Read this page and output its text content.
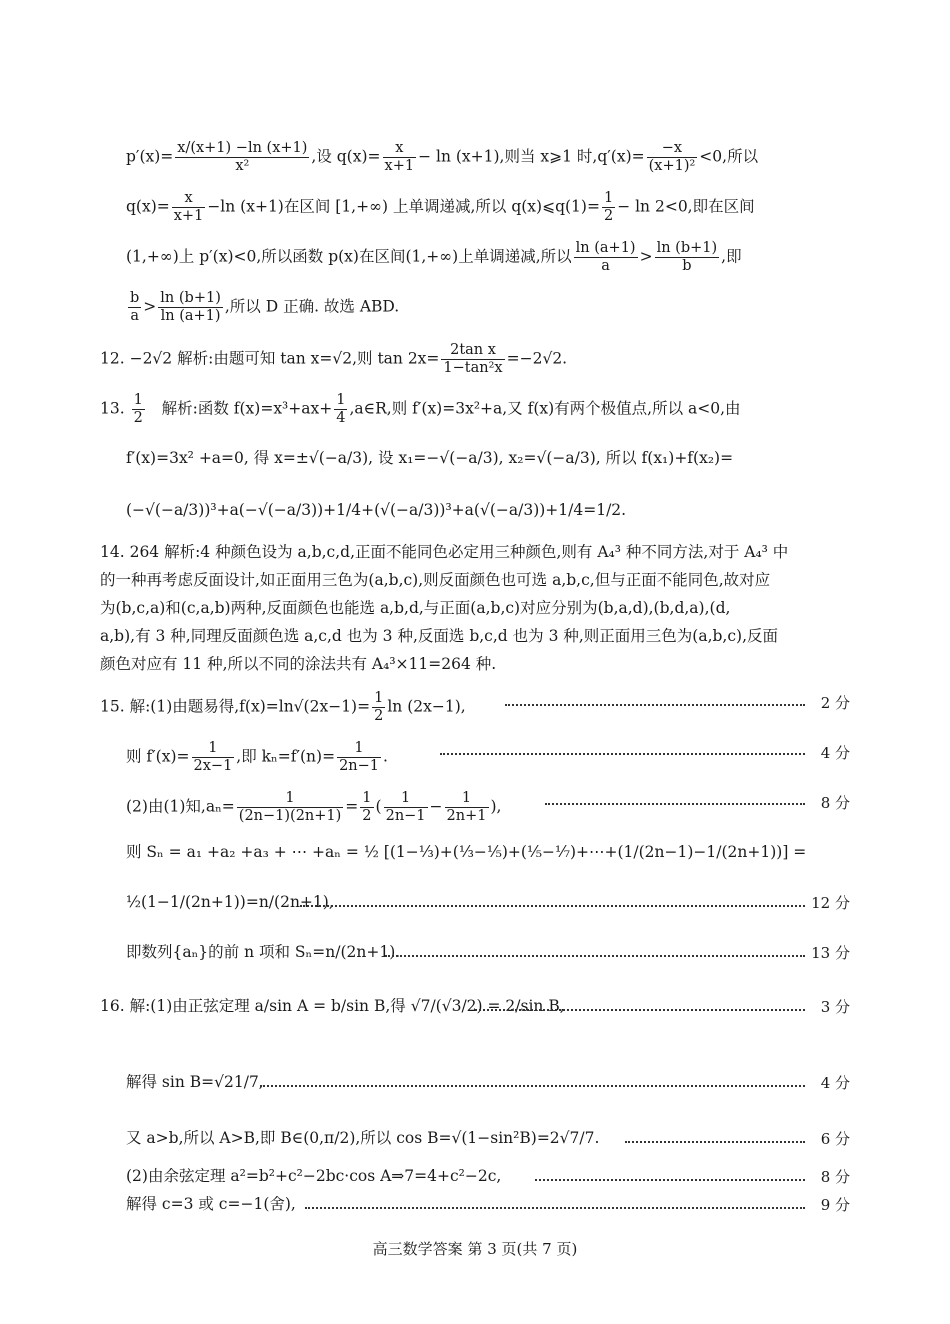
$p'(x)= \frac{x/(x+1) -\ln (x+1)}{\text{x²}}$ ,设 $q(x)= \frac{x}{x+1} - \ln (x+1)$,则当 x⩾1 时$,q'(x)= \frac{-x}{\text{(x+1)²}} <0$,所以
$q(x)= \frac{x}{x+1} -\ln$ (x+1)在区间 [1,+∞) 上单调递减,所以 q(x)⩽q(1)= $\frac{1}{2} - \ln 2<0$,即在区间
(1,+∞)上 p′(x)<0,所以函数 p(x)在区间(1,+∞)上单调递减,所以 $\frac{\ln (a+1)}{a} > \frac{\ln (b+1)}{b}$ ,即
$\frac{b}{a} > \frac{\ln (b+1)}{\ln (a+1)}$ ,所以 D 正确. 故选 ABD.
12. −2√2 解析:由题可知 tan x=√2,则 $\tan 2x= \frac{\text{2tan x}}{\text{1−tan²x}} =-2√2$.
13. $\frac{1}{2}$ 解析:函数 $f(x)=x^3+ax+ \frac{1}{4}$ ,a∈R,则 f′(x)=3x²+a,又 f(x)有两个极值点,所以 a<0,由
f′(x)=3x² +a=0, 得 x=±√(−a/3), 设 x₁=−√(−a/3), x₂=√(−a/3), 所以 f(x₁)+f(x₂)=
(−√(−a/3))³+a(−√(−a/3))+1/4+(√(−a/3))³+a(√(−a/3))+1/4=1/2.
14. 264 解析:4 种颜色设为 a,b,c,d,正面不能同色必定用三种颜色,则有 A₄³ 种不同方法,对于 A₄³ 中
的一种再考虑反面设计,如正面用三色为(a,b,c),则反面颜色也可选 a,b,c,但与正面不能同色,故对应
为(b,c,a)和(c,a,b)两种,反面颜色也能选 a,b,d,与正面(a,b,c)对应分别为(b,a,d),(b,d,a),(d,
a,b),有 3 种,同理反面颜色选 a,c,d 也为 3 种,反面选 b,c,d 也为 3 种,则正面用三色为(a,b,c),反面
颜色对应有 11 种,所以不同的涂法共有 A₄³×11=264 种.
15. 解:(1)由题易得$,f(x)=\ln√(2x-1)= \frac{1}{2}$ ln (2x−1),	2 分
则 $f'(x)= \frac{1}{2x-1}$ ,即 $k_n=f'(n)= \frac{1}{2n-1}$ .	4 分
(2)由(1)知$,a_n= \frac{1}{(2n-1)(2n+1)} = \frac{1}{2}$ ( $\frac{1}{2n-1} - \frac{1}{2n+1}$ ),	8 分
则 Sₙ = a₁ +a₂ +a₃ + ⋯ +aₙ = ½ [(1−⅓)+(⅓−⅕)+(⅕−⅐)+⋯+(1/(2n−1)−1/(2n+1))] =
½(1−1/(2n+1))=n/(2n+1),	12 分
即数列{aₙ}的前 n 项和 Sₙ=n/(2n+1).	13 分
16. 解:(1)由正弦定理 a/sin A = b/sin B,得 √7/(√3/2) = 2/sin B,	3 分
解得 sin B=√21/7,	4 分
又 a>b,所以 A>B,即 B∈(0,π/2),所以 cos B=√(1−sin²B)=2√7/7.	6 分
(2)由余弦定理 a²=b²+c²−2bc·cos A⇒7=4+c²−2c,	8 分
解得 c=3 或 c=−1(舍),	9 分
高三数学答案 第 3 页(共 7 页)
